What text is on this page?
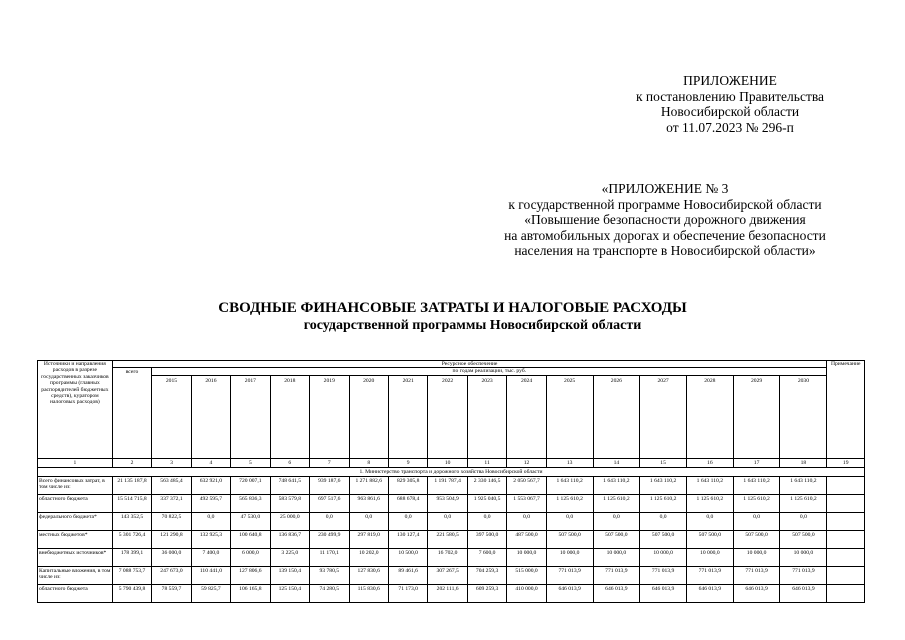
ПРИЛОЖЕНИЕ
к постановлению Правительства
Новосибирской области
от 11.07.2023 № 296-п
«ПРИЛОЖЕНИЕ № 3
к государственной программе Новосибирской области
«Повышение безопасности дорожного движения
на автомобильных дорогах и обеспечение безопасности
населения на транспорте в Новосибирской области»
СВОДНЫЕ ФИНАНСОВЫЕ ЗАТРАТЫ И НАЛОГОВЫЕ РАСХОДЫ
государственной программы Новосибирской области
Источники и направления расходов в разрезе государственных заказчиков программы (главных распорядителей бюджетных средств), куратором налоговых расходов)	Ресурсное обеспечение																	Примечание
	всего	по годам реализации, тыс. руб.																
		2015	2016	2017	2018	2019	2020	2021	2022	2023	2024	2025	2026	2027	2028	2029	2030	
1	2	3	4	5	6	7	8	9	10	11	12	13	14	15	16	17	18	19
1. Министерство транспорта и дорожного хозяйства Новосибирской области																		
Всего финансовых затрат, в том числе из:	21 135 187,8	563 485,4	632 921,0	720 007,1	748 641,5	939 187,6	1 271 882,6	829 305,8	1 191 787,4	2 330 146,5	2 050 567,7	1 643 110,2	1 643 110,2	1 643 110,2	1 643 110,2	1 643 110,2	1 643 110,2	
областного бюджета	15 514 715,8	337 372,1	492 595,7	565 836,3	583 579,8	697 517,6	963 861,6	688 678,4	953 504,9	1 925 040,5	1 553 067,7	1 125 610,2	1 125 610,2	1 125 610,2	1 125 610,2	1 125 610,2	1 125 610,2	
федерального бюджета*	143 352,5	70 822,5	0,0	47 530,0	25 000,0	0,0	0,0	0,0	0,0	0,0	0,0	0,0	0,0	0,0	0,0	0,0	0,0	
местных бюджетов*	5 301 726,4	121 290,8	132 925,3	100 640,8	136 836,7	230 499,9	297 819,0	130 127,4	221 580,5	397 500,0	487 500,0	507 500,0	507 500,0	507 500,0	507 500,0	507 500,0	507 500,0	
внебюджетных источников*	178 399,1	36 000,0	7 400,0	6 000,0	3 225,0	11 170,1	10 202,0	10 500,0	16 702,0	7 600,0	10 000,0	10 000,0	10 000,0	10 000,0	10 000,0	10 000,0	10 000,0	
Капитальные вложения, в том числе из:	7 088 753,7	247 673,0	110 441,0	127 806,6	139 150,4	93 780,5	127 830,6	89 461,6	307 267,5	704 259,3	515 000,0	771 013,9	771 013,9	771 013,9	771 013,9	771 013,9	771 013,9	
областного бюджета	5 790 439,8	78 559,7	59 825,7	106 165,8	125 150,4	74 280,5	115 830,6	71 173,0	202 111,6	609 259,3	410 000,0	646 013,9	646 013,9	646 013,9	646 013,9	646 013,9	646 013,9	
